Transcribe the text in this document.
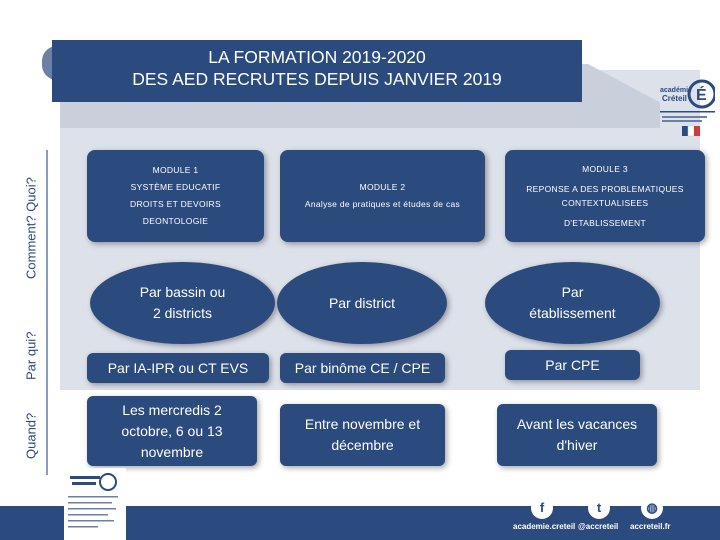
LA FORMATION 2019-2020
DES AED RECRUTES DEPUIS JANVIER 2019
académie
Créteil É
Comment? Quoi?
Par qui?
Quand?
MODULE 1
SYSTÈME EDUCATIF
DROITS ET DEVOIRS
DEONTOLOGIE
MODULE 2
Analyse de pratiques et études de cas
MODULE 3
REPONSE A DES PROBLEMATIQUES
CONTEXTUALISEES
D'ETABLISSEMENT
Par bassin ou
2 districts
Par district
Par
établissement
Par IA-IPR ou CT EVS	Par binôme CE / CPE	Par CPE
Les mercredis 2
octobre, 6 ou 13
novembre
Entre novembre et
décembre
Avant les vacances
d'hiver
f	t	◍
academie.creteil @accreteil accreteil.fr
